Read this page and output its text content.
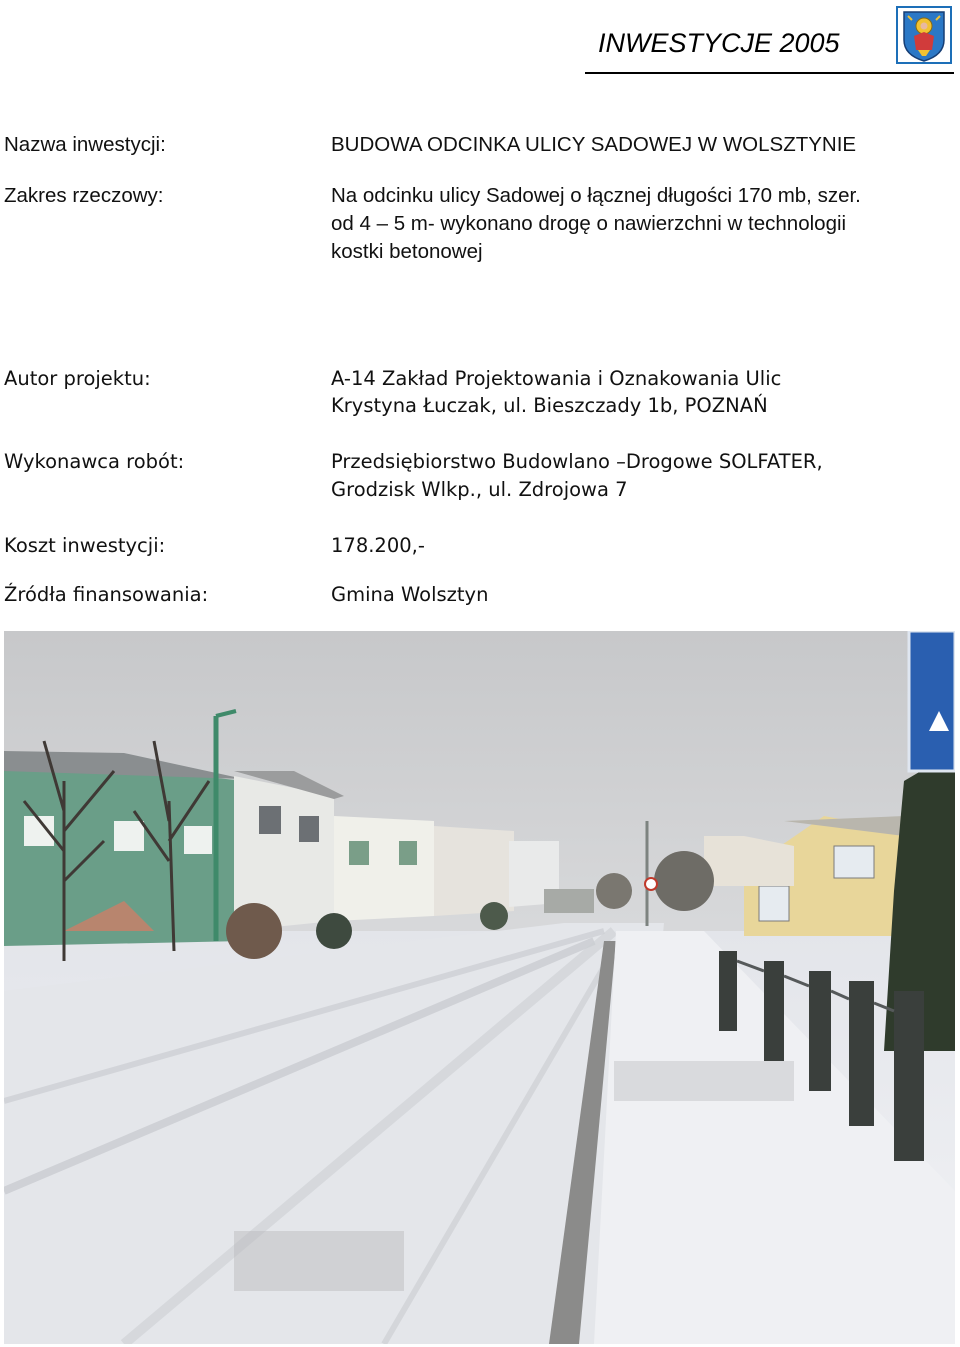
INWESTYCJE 2005
Nazwa inwestycji:	BUDOWA ODCINKA ULICY SADOWEJ W WOLSZTYNIE
Zakres rzeczowy:	Na odcinku ulicy Sadowej o łącznej długości 170 mb, szer.
od 4 – 5 m- wykonano drogę o nawierzchni w technologii
kostki betonowej
Autor projektu:	A-14 Zakład Projektowania i Oznakowania Ulic
Krystyna Łuczak, ul. Bieszczady 1b, POZNAŃ
Wykonawca robót:	Przedsiębiorstwo Budowlano –Drogowe SOLFATER,
Grodzisk Wlkp., ul. Zdrojowa 7
Koszt inwestycji:	178.200,-
Źródła finansowania:	Gmina Wolsztyn
